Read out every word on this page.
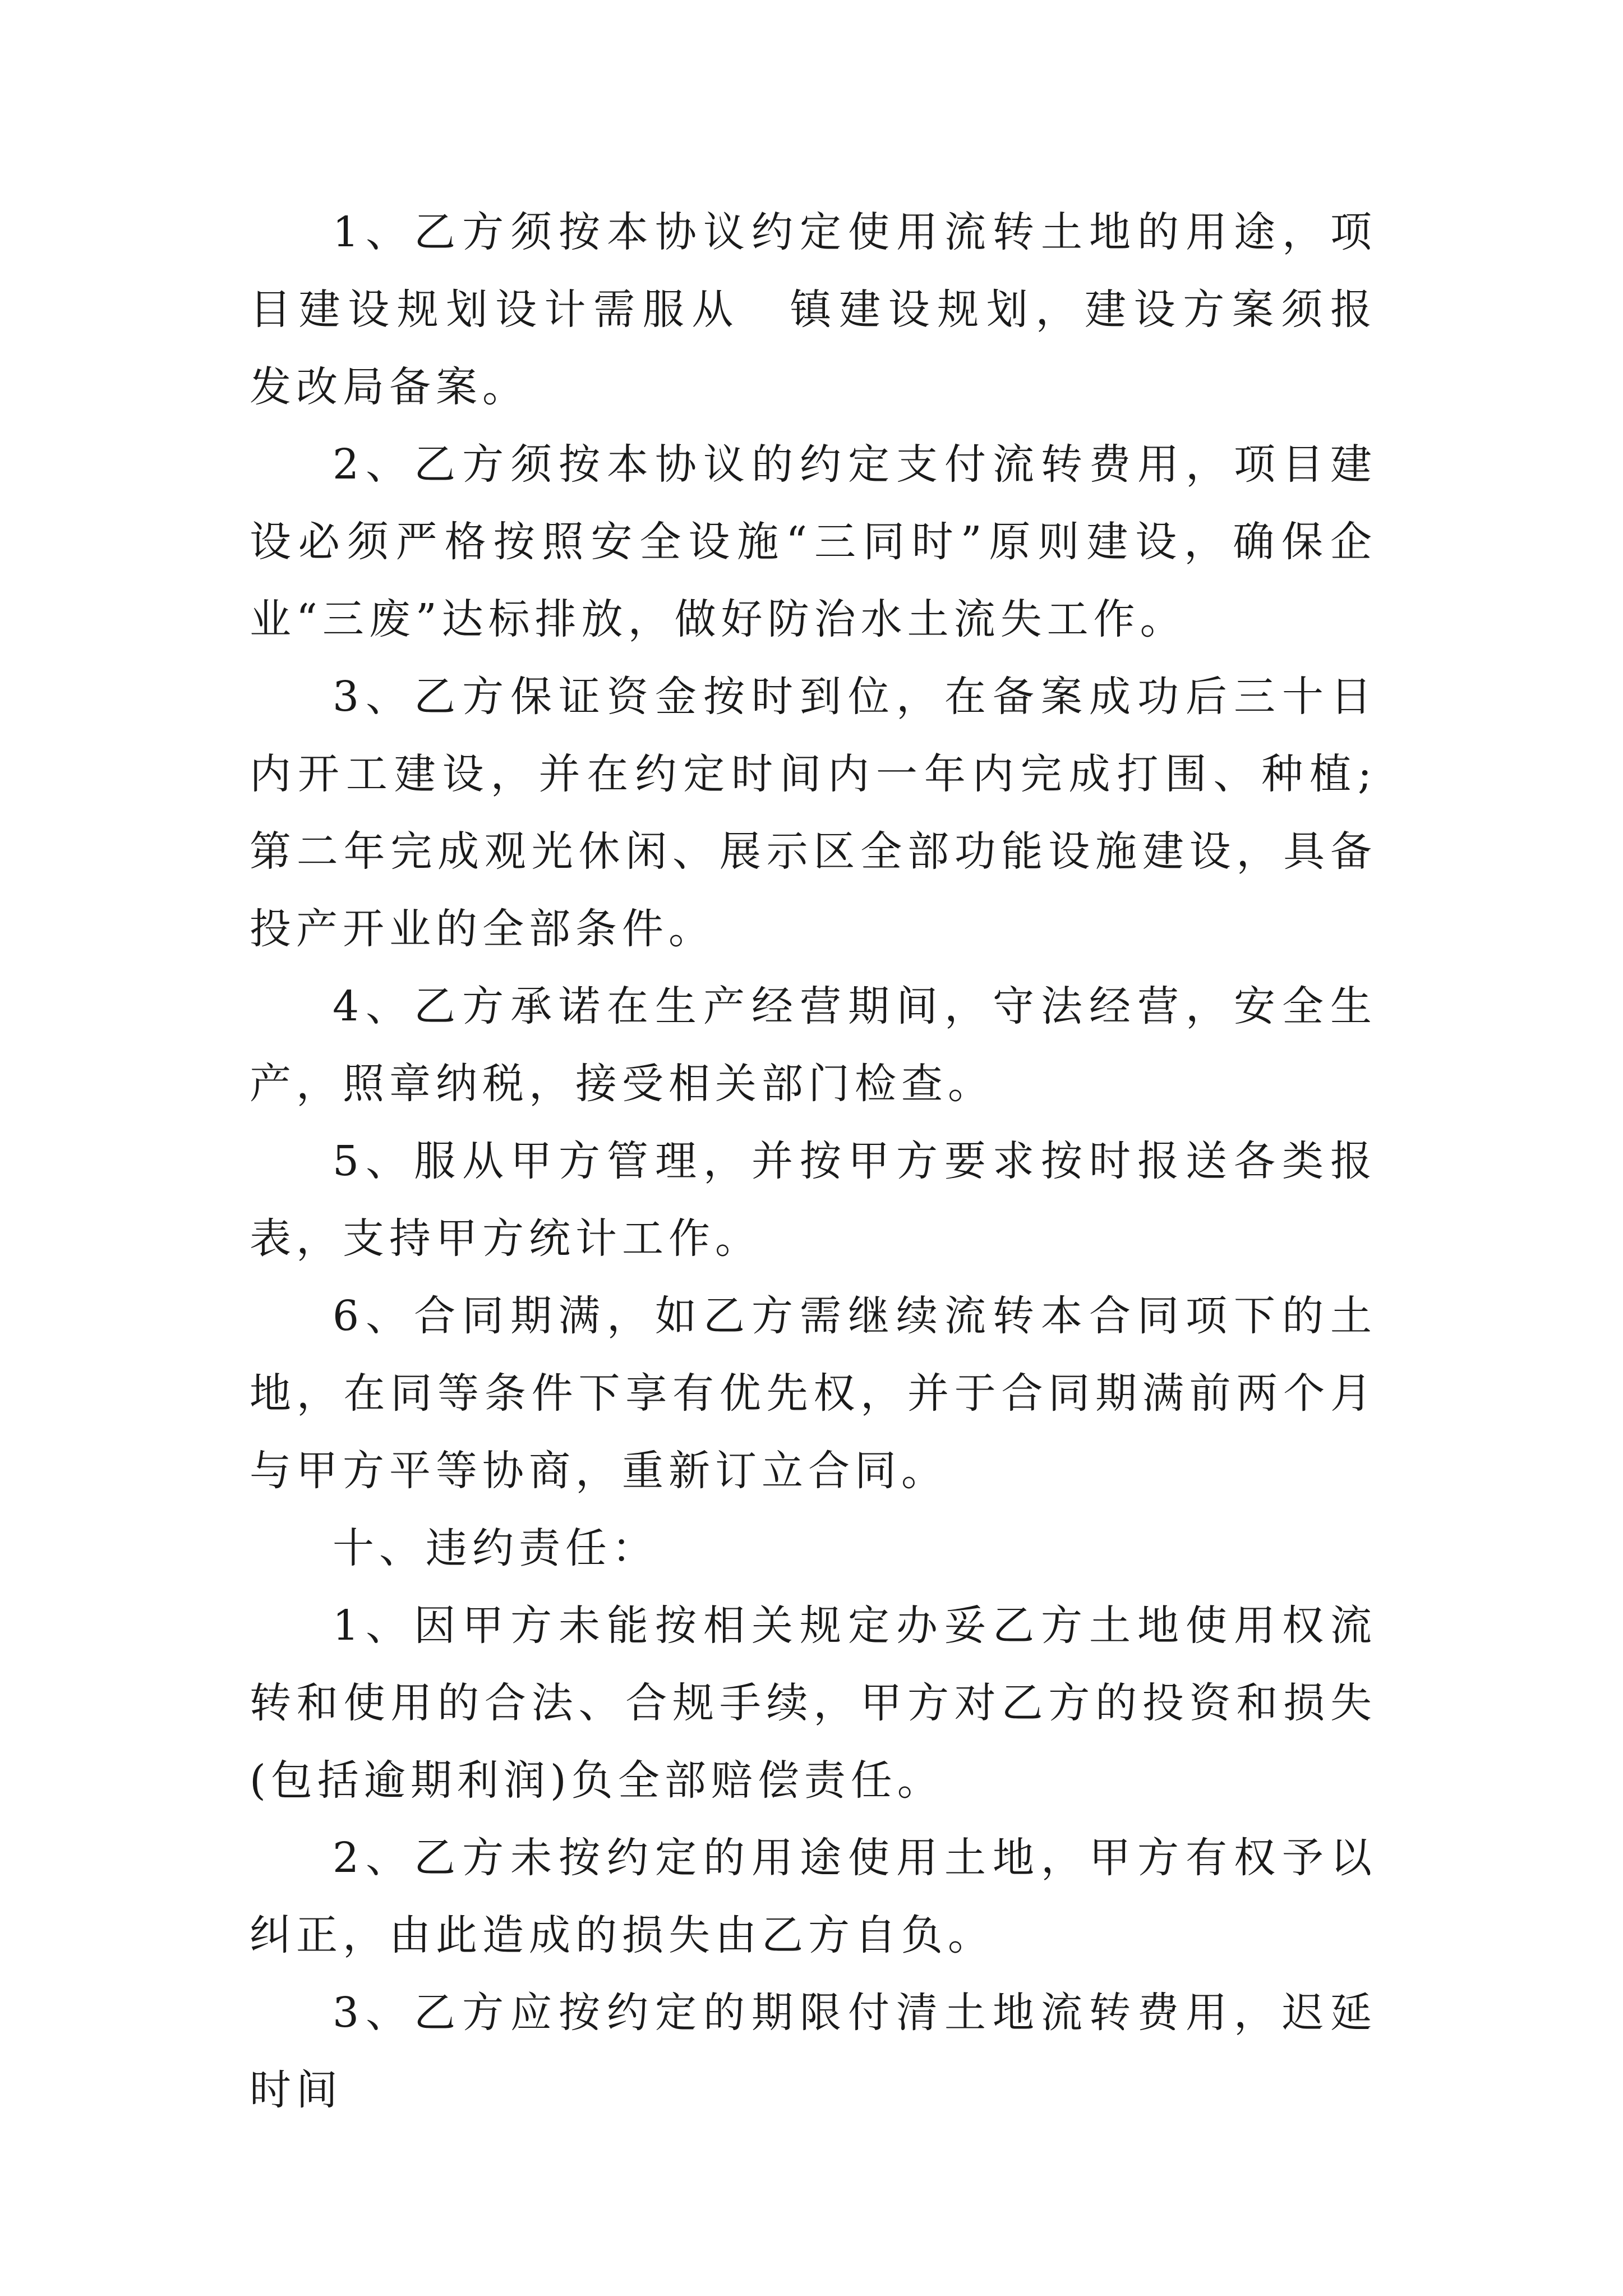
1、乙方须按本协议约定使用流转土地的用途，项目建设规划设计需服从　镇建设规划，建设方案须报　发改局备案。

2、乙方须按本协议的约定支付流转费用，项目建设必须严格按照安全设施“三同时”原则建设，确保企业“三废”达标排放，做好防治水土流失工作。

3、乙方保证资金按时到位，在备案成功后三十日内开工建设，并在约定时间内一年内完成打围、种植;第二年完成观光休闲、展示区全部功能设施建设，具备投产开业的全部条件。

4、乙方承诺在生产经营期间，守法经营，安全生产，照章纳税，接受相关部门检查。

5、服从甲方管理，并按甲方要求按时报送各类报表，支持甲方统计工作。

6、合同期满，如乙方需继续流转本合同项下的土地，在同等条件下享有优先权，并于合同期满前两个月与甲方平等协商，重新订立合同。

十、违约责任：

1、因甲方未能按相关规定办妥乙方土地使用权流转和使用的合法、合规手续，甲方对乙方的投资和损失(包括逾期利润)负全部赔偿责任。

2、乙方未按约定的用途使用土地，甲方有权予以纠正，由此造成的损失由乙方自负。

3、乙方应按约定的期限付清土地流转费用，迟延时间
